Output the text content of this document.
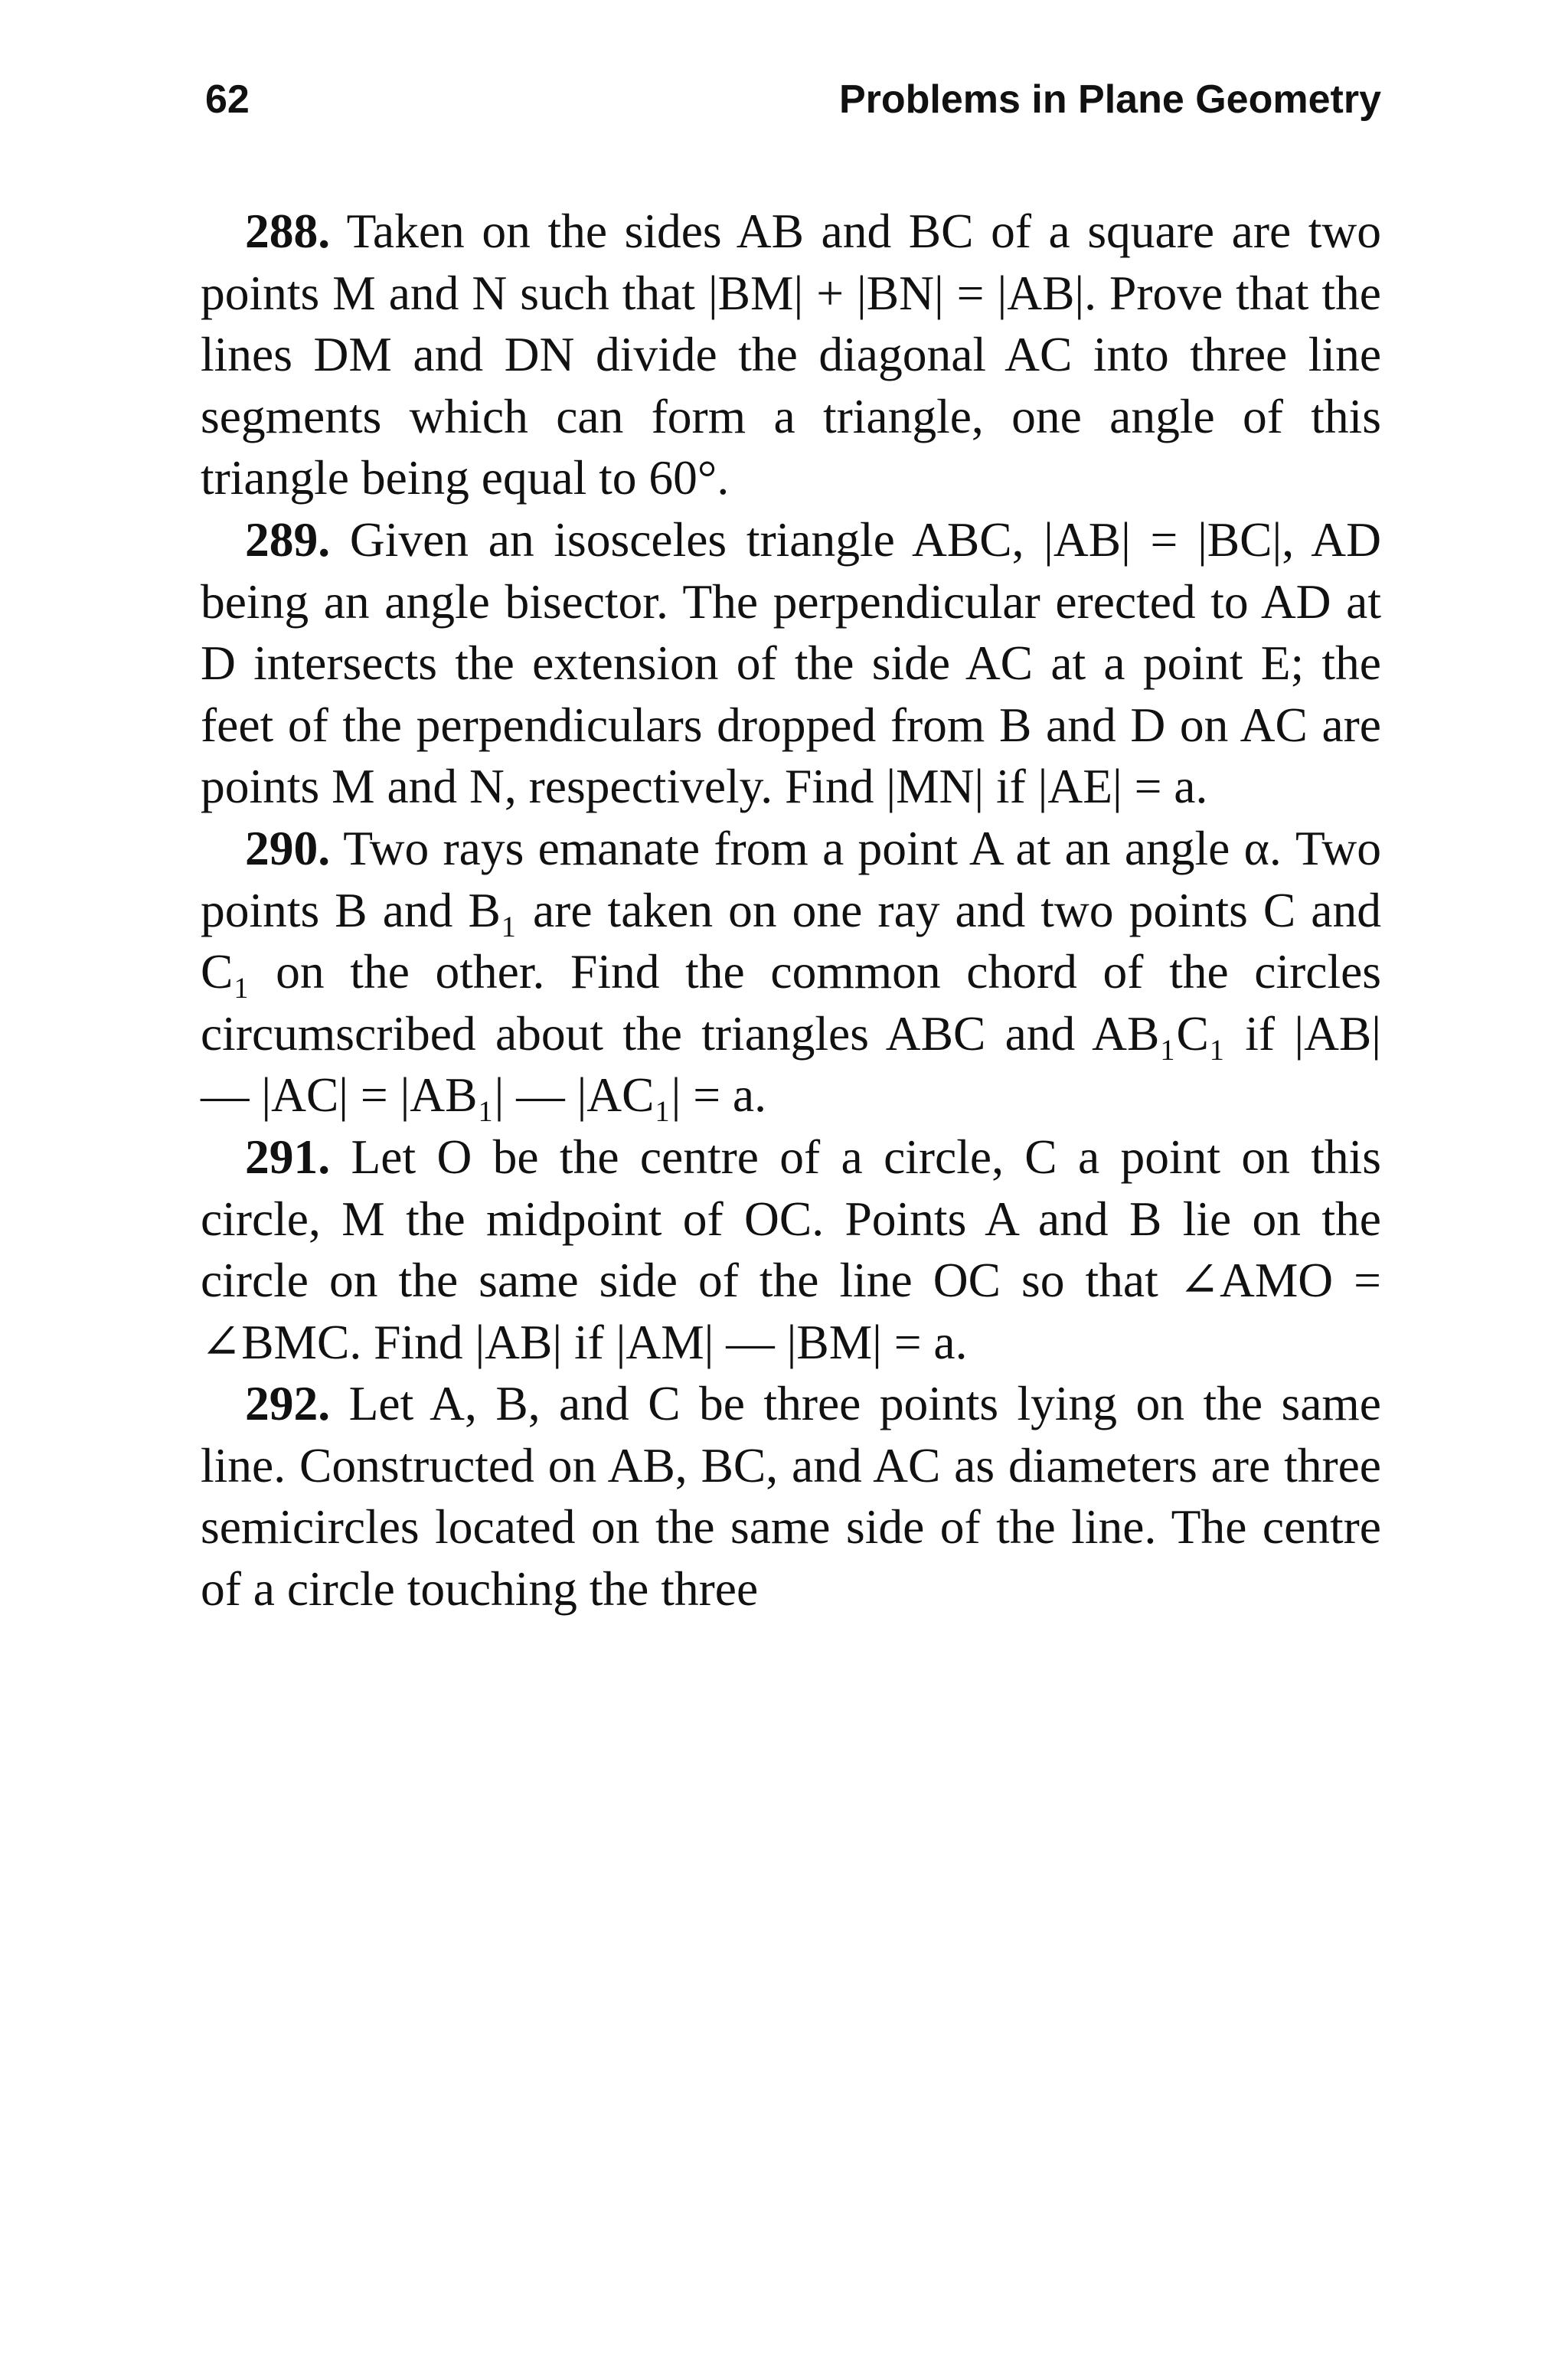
62	Problems in Plane Geometry

288. Taken on the sides AB and BC of a square are two points M and N such that |BM| + |BN| = |AB|. Prove that the lines DM and DN divide the diagonal AC into three line segments which can form a triangle, one angle of this triangle being equal to 60°.

289. Given an isosceles triangle ABC, |AB| = |BC|, AD being an angle bisector. The perpendicular erected to AD at D intersects the extension of the side AC at a point E; the feet of the perpendiculars dropped from B and D on AC are points M and N, respectively. Find |MN| if |AE| = a.

290. Two rays emanate from a point A at an angle α. Two points B and B₁ are taken on one ray and two points C and C₁ on the other. Find the common chord of the circles circumscribed about the triangles ABC and AB₁C₁ if |AB| — |AC| = |AB₁| — |AC₁| = a.

291. Let O be the centre of a circle, C a point on this circle, M the midpoint of OC. Points A and B lie on the circle on the same side of the line OC so that ∠AMO = ∠BMC. Find |AB| if |AM| — |BM| = a.

292. Let A, B, and C be three points lying on the same line. Constructed on AB, BC, and AC as diameters are three semicircles located on the same side of the line. The centre of a circle touching the three
